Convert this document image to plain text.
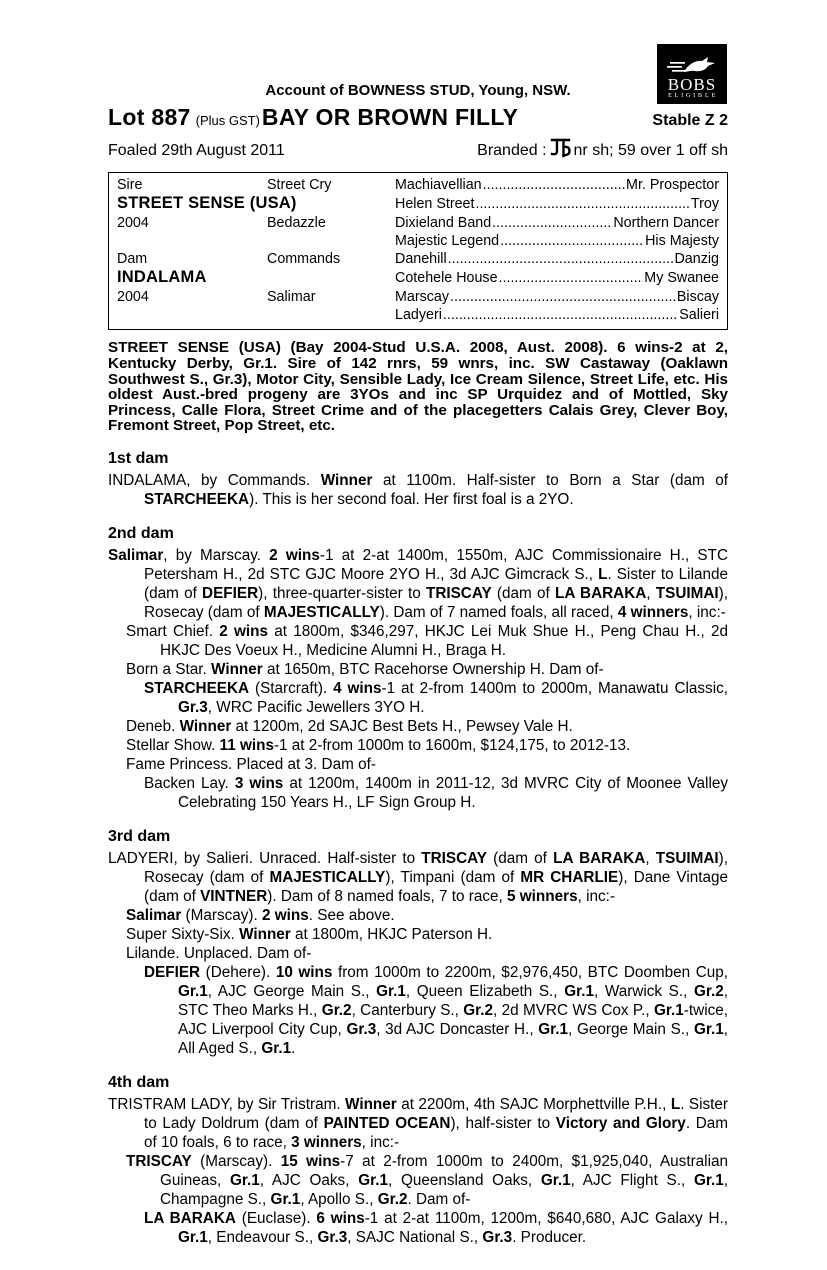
BOBS
ELIGIBLE
Account of BOWNESS STUD, Young, NSW.
Lot 887 (Plus GST) BAY OR BROWN FILLY	Stable Z 2
Foaled 29th August 2011	Branded : nr sh; 59 over 1 off sh
Sire	Street Cry	Machiavellian .....	Mr. Prospector
STREET SENSE (USA)	Helen Street .....	Troy
2004	Bedazzle	Dixieland Band .....	Northern Dancer
Majestic Legend .....	His Majesty
Dam	Commands	Danehill .....	Danzig
INDALAMA	Cotehele House .....	My Swanee
2004	Salimar	Marscay .....	Biscay
Ladyeri .....	Salieri
STREET SENSE (USA) (Bay 2004-Stud U.S.A. 2008, Aust. 2008). 6 wins-2 at 2, Kentucky Derby, Gr.1. Sire of 142 rnrs, 59 wnrs, inc. SW Castaway (Oaklawn Southwest S., Gr.3), Motor City, Sensible Lady, Ice Cream Silence, Street Life, etc. His oldest Aust.-bred progeny are 3YOs and inc SP Urquidez and of Mottled, Sky Princess, Calle Flora, Street Crime and of the placegetters Calais Grey, Clever Boy, Fremont Street, Pop Street, etc.
1st dam

INDALAMA, by Commands. Winner at 1100m. Half-sister to Born a Star (dam of STARCHEEKA). This is her second foal. Her first foal is a 2YO.

2nd dam

Salimar, by Marscay. 2 wins-1 at 2-at 1400m, 1550m, AJC Commissionaire H., STC Petersham H., 2d STC GJC Moore 2YO H., 3d AJC Gimcrack S., L. Sister to Lilande (dam of DEFIER), three-quarter-sister to TRISCAY (dam of LA BARAKA, TSUIMAI), Rosecay (dam of MAJESTICALLY). Dam of 7 named foals, all raced, 4 winners, inc:-

Smart Chief. 2 wins at 1800m, $346,297, HKJC Lei Muk Shue H., Peng Chau H., 2d HKJC Des Voeux H., Medicine Alumni H., Braga H.

Born a Star. Winner at 1650m, BTC Racehorse Ownership H. Dam of-

STARCHEEKA (Starcraft). 4 wins-1 at 2-from 1400m to 2000m, Manawatu Classic, Gr.3, WRC Pacific Jewellers 3YO H.

Deneb. Winner at 1200m, 2d SAJC Best Bets H., Pewsey Vale H.

Stellar Show. 11 wins-1 at 2-from 1000m to 1600m, $124,175, to 2012-13.

Fame Princess. Placed at 3. Dam of-

Backen Lay. 3 wins at 1200m, 1400m in 2011-12, 3d MVRC City of Moonee Valley Celebrating 150 Years H., LF Sign Group H.

3rd dam

LADYERI, by Salieri. Unraced. Half-sister to TRISCAY (dam of LA BARAKA, TSUIMAI), Rosecay (dam of MAJESTICALLY), Timpani (dam of MR CHARLIE), Dane Vintage (dam of VINTNER). Dam of 8 named foals, 7 to race, 5 winners, inc:-

Salimar (Marscay). 2 wins. See above.

Super Sixty-Six. Winner at 1800m, HKJC Paterson H.

Lilande. Unplaced. Dam of-

DEFIER (Dehere). 10 wins from 1000m to 2200m, $2,976,450, BTC Doomben Cup, Gr.1, AJC George Main S., Gr.1, Queen Elizabeth S., Gr.1, Warwick S., Gr.2, STC Theo Marks H., Gr.2, Canterbury S., Gr.2, 2d MVRC WS Cox P., Gr.1-twice, AJC Liverpool City Cup, Gr.3, 3d AJC Doncaster H., Gr.1, George Main S., Gr.1, All Aged S., Gr.1.

4th dam

TRISTRAM LADY, by Sir Tristram. Winner at 2200m, 4th SAJC Morphettville P.H., L. Sister to Lady Doldrum (dam of PAINTED OCEAN), half-sister to Victory and Glory. Dam of 10 foals, 6 to race, 3 winners, inc:-

TRISCAY (Marscay). 15 wins-7 at 2-from 1000m to 2400m, $1,925,040, Australian Guineas, Gr.1, AJC Oaks, Gr.1, Queensland Oaks, Gr.1, AJC Flight S., Gr.1, Champagne S., Gr.1, Apollo S., Gr.2. Dam of-

LA BARAKA (Euclase). 6 wins-1 at 2-at 1100m, 1200m, $640,680, AJC Galaxy H., Gr.1, Endeavour S., Gr.3, SAJC National S., Gr.3. Producer.
